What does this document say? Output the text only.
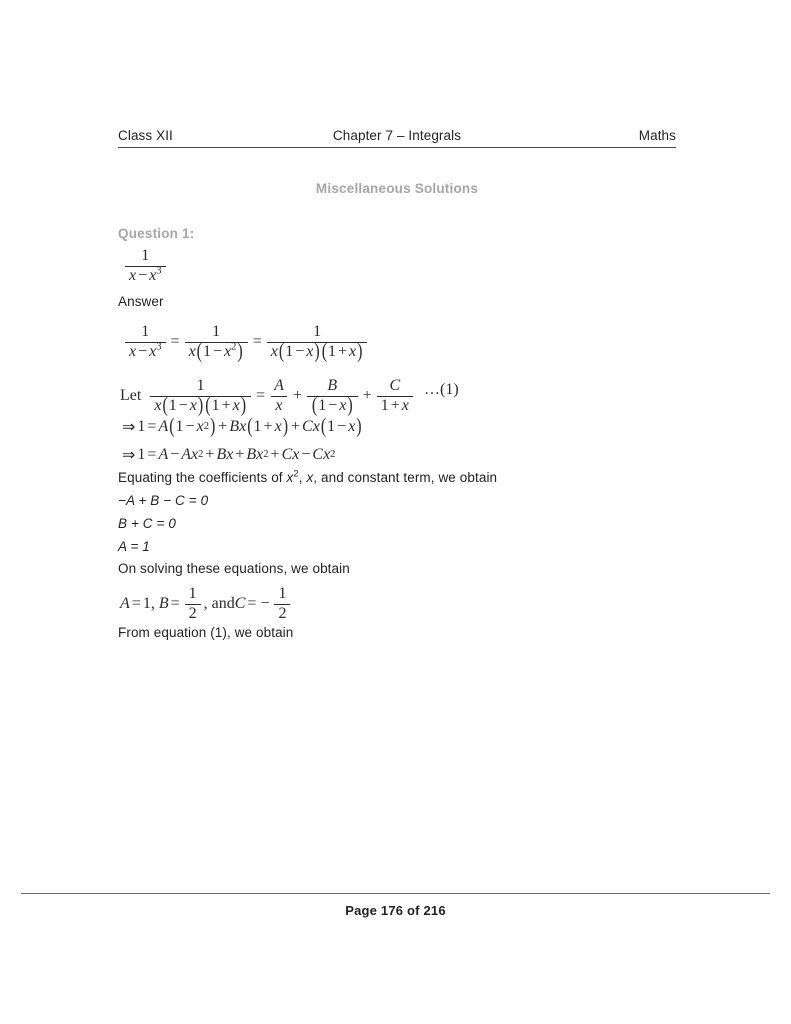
Class XII	Chapter 7 – Integrals	Maths
Miscellaneous Solutions
Question 1:
$\frac{1}{x - x^3}$
Answer
$\frac{1}{x - x^3} = \frac{1}{x(1 - x^2)} = \frac{1}{x(1 - x) (1 + x)}$
Let $\frac{1}{x(1 - x) (1 + x)} = \frac{A}{x} + \frac{B}{(1 - x)} + \frac{C}{1 + x}$ …(1)
⇒ 1 = A ( 1 − x 2 ) + B x ( 1 + x ) + C x ( 1 − x )
⇒ 1 = A − A x 2 + B x + B x 2 + C x − C x 2
Equating the coefficients of $x^2$, x, and constant term, we obtain
−A + B − C = 0
B + C = 0
A = 1
On solving these equations, we obtain
A = 1 , $B = \frac{1}{2}$ , and C = − $\frac{1}{2}$
From equation (1), we obtain
Page 176 of 216
